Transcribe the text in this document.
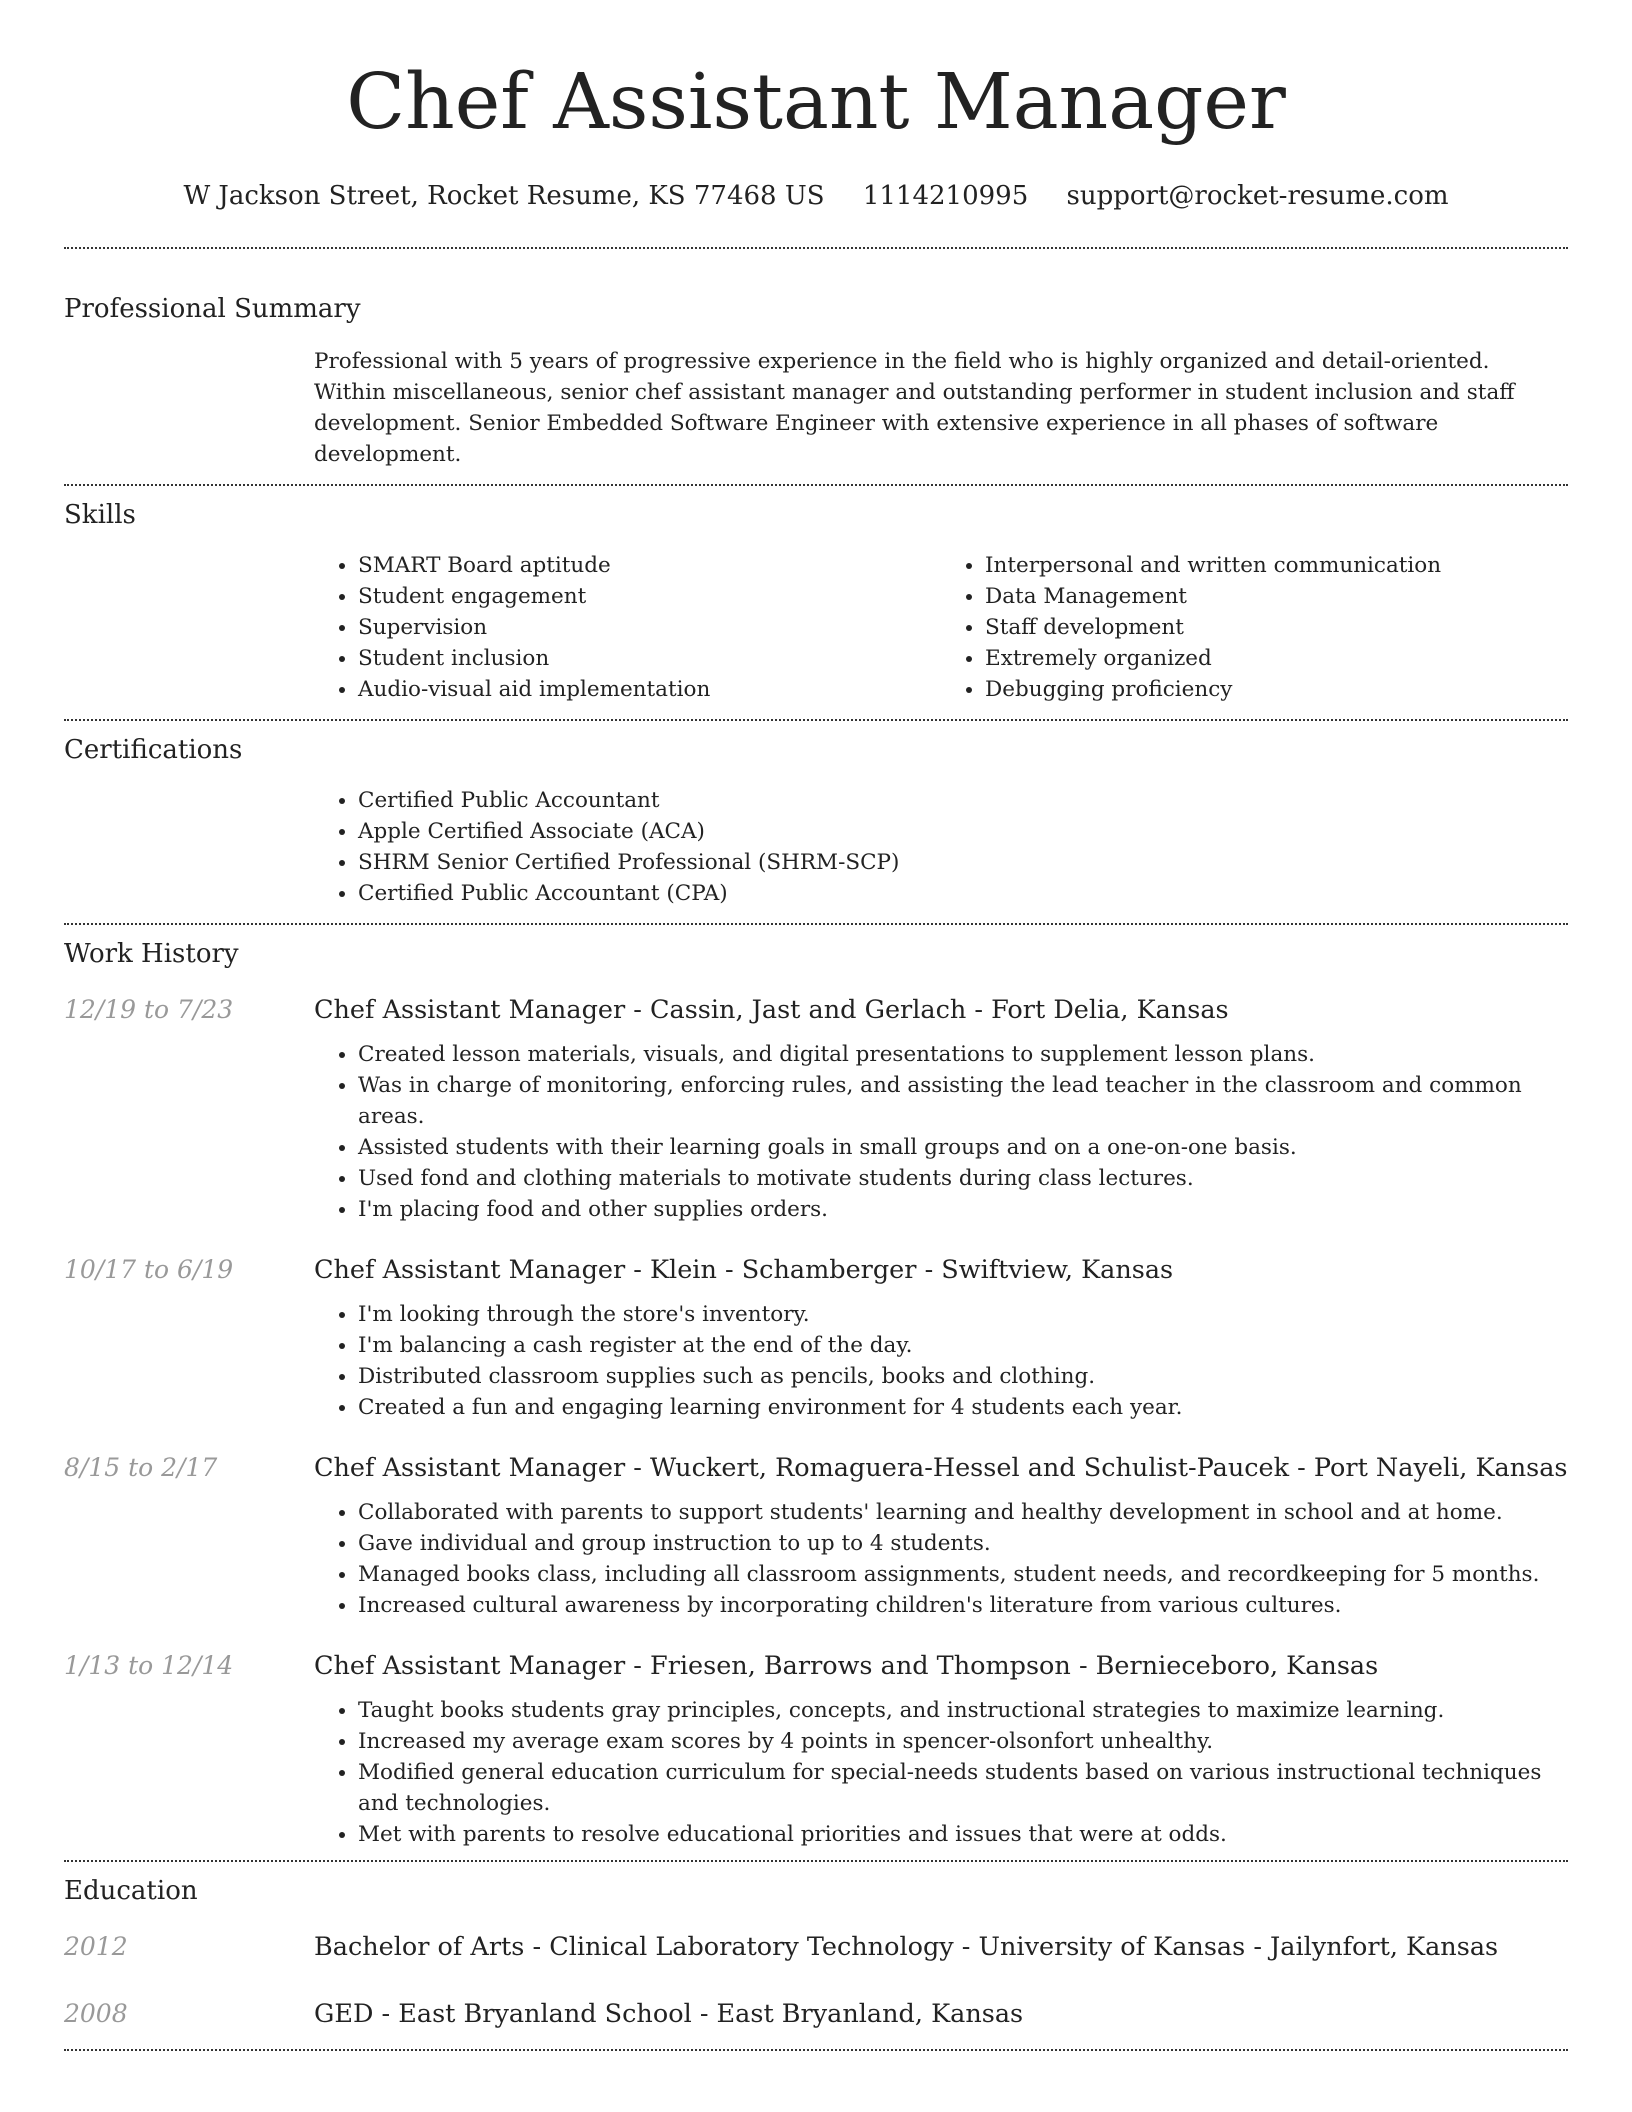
Chef Assistant Manager
W Jackson Street, Rocket Resume, KS 77468 US 1114210995 support@rocket-resume.com
Professional Summary
Professional with 5 years of progressive experience in the field who is highly organized and detail-oriented. Within miscellaneous, senior chef assistant manager and outstanding performer in student inclusion and staff development. Senior Embedded Software Engineer with extensive experience in all phases of software development.
Skills
• SMART Board aptitude
• Student engagement
• Supervision
• Student inclusion
• Audio-visual aid implementation
• Interpersonal and written communication
• Data Management
• Staff development
• Extremely organized
• Debugging proficiency
Certifications
• Certified Public Accountant
• Apple Certified Associate (ACA)
• SHRM Senior Certified Professional (SHRM-SCP)
• Certified Public Accountant (CPA)
Work History
12/19 to 7/23	Chef Assistant Manager - Cassin, Jast and Gerlach - Fort Delia, Kansas
• Created lesson materials, visuals, and digital presentations to supplement lesson plans.
• Was in charge of monitoring, enforcing rules, and assisting the lead teacher in the classroom and common areas.
• Assisted students with their learning goals in small groups and on a one-on-one basis.
• Used fond and clothing materials to motivate students during class lectures.
• I'm placing food and other supplies orders.
10/17 to 6/19	Chef Assistant Manager - Klein - Schamberger - Swiftview, Kansas
• I'm looking through the store's inventory.
• I'm balancing a cash register at the end of the day.
• Distributed classroom supplies such as pencils, books and clothing.
• Created a fun and engaging learning environment for 4 students each year.
8/15 to 2/17	Chef Assistant Manager - Wuckert, Romaguera-Hessel and Schulist-Paucek - Port Nayeli, Kansas
• Collaborated with parents to support students' learning and healthy development in school and at home.
• Gave individual and group instruction to up to 4 students.
• Managed books class, including all classroom assignments, student needs, and recordkeeping for 5 months.
• Increased cultural awareness by incorporating children's literature from various cultures.
1/13 to 12/14	Chef Assistant Manager - Friesen, Barrows and Thompson - Bernieceboro, Kansas
• Taught books students gray principles, concepts, and instructional strategies to maximize learning.
• Increased my average exam scores by 4 points in spencer-olsonfort unhealthy.
• Modified general education curriculum for special-needs students based on various instructional techniques and technologies.
• Met with parents to resolve educational priorities and issues that were at odds.
Education
2012	Bachelor of Arts - Clinical Laboratory Technology - University of Kansas - Jailynfort, Kansas
2008	GED - East Bryanland School - East Bryanland, Kansas
